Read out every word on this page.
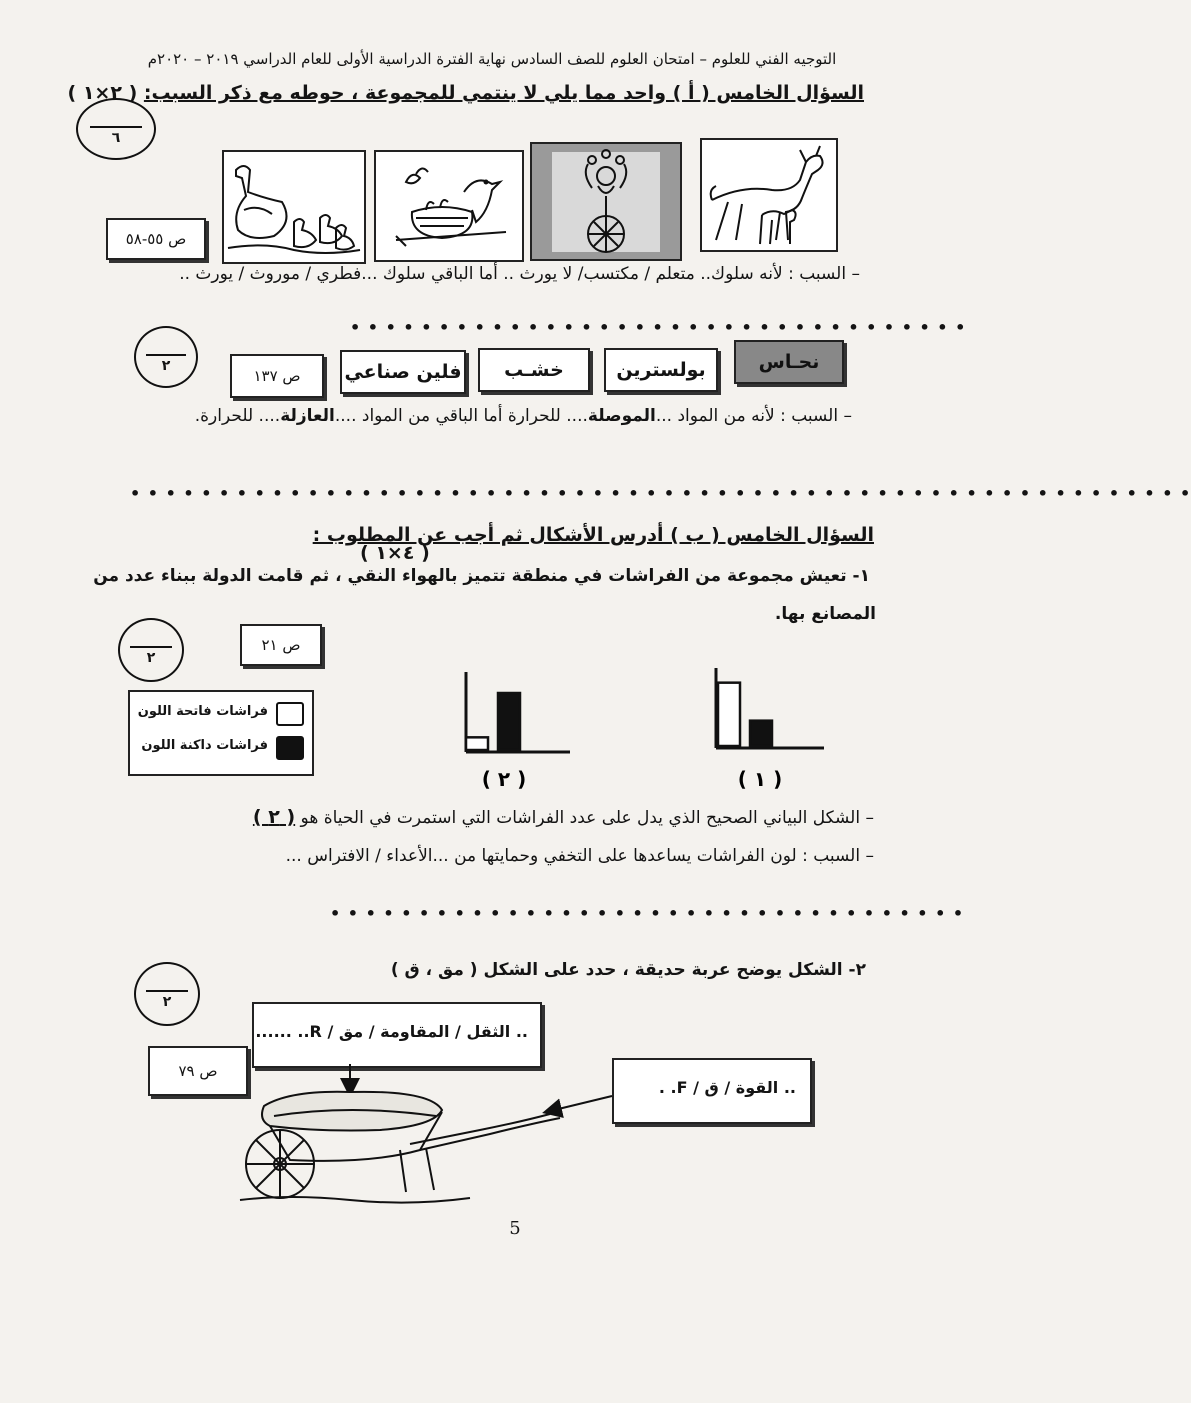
التوجيه الفني للعلوم – امتحان العلوم للصف السادس نهاية الفترة الدراسية الأولى للعام الدراسي ٢٠١٩ – ٢٠٢٠م
السؤال الخامس ( أ ) واحد مما يلي لا ينتمي للمجموعة ، حوطه مع ذكر السبب: ( ٢×١ )
٦
ص ٥٥-٥٨
– السبب : لأنه سلوك.. متعلم / مكتسب/ لا يورث .. أما الباقي سلوك ...فطري / موروث / يورث ..
• • • • • • • • • • • • • • • • • • • • • • • • • • • • • • • • • • •
٢	نحـاس
بولسترين
خشـب
فلين صناعي
ص ١٣٧
– السبب : لأنه من المواد ...الموصلة.... للحرارة أما الباقي من المواد ....العازلة.... للحرارة.
• • • • • • • • • • • • • • • • • • • • • • • • • • • • • • • • • • • • • • • • • • • • • • • • • • • • • • • • • • • •
السؤال الخامس ( ب ) أدرس الأشكال ثم أجب عن المطلوب :
( ٤×١ )
١- تعيش مجموعة من الفراشات في منطقة تتميز بالهواء النقي ، ثم قامت الدولة ببناء عدد من
المصانع بها.
٢
ص ٢١
فراشات فاتحة اللون
فراشات داكنة اللون
( ٢ )	( ١ )
– الشكل البياني الصحيح الذي يدل على عدد الفراشات التي استمرت في الحياة هو ( ٢ )
– السبب : لون الفراشات يساعدها على التخفي وحمايتها من ...الأعداء / الافتراس ...
• • • • • • • • • • • • • • • • • • • • • • • • • • • • • • • • • • • •
٢- الشكل يوضح عربة حديقة ، حدد على الشكل ( مق ، ق )
٢
.. الثقل / المقاومة / مق / R.. ......
ص ٧٩
.. القوة / ق / F. .
5
